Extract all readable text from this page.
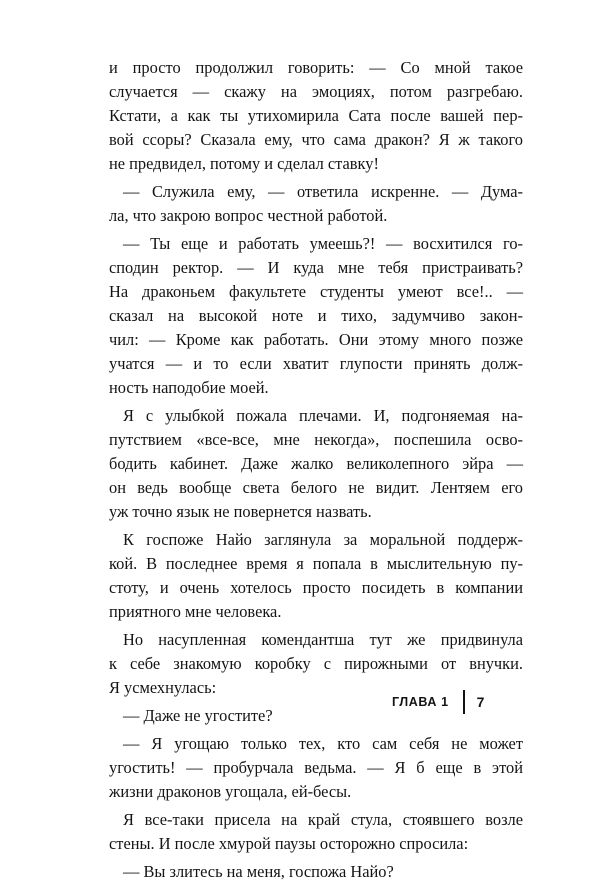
и просто продолжил говорить: — Со мной такое
случается — скажу на эмоциях, потом разгребаю.
Кстати, а как ты утихомирила Сата после вашей пер-
вой ссоры? Сказала ему, что сама дракон? Я ж такого
не предвидел, потому и сделал ставку!
— Служила ему, — ответила искренне. — Дума-
ла, что закрою вопрос честной работой.
— Ты еще и работать умеешь?! — восхитился го-
сподин ректор. — И куда мне тебя пристраивать?
На драконьем факультете студенты умеют все!.. —
сказал на высокой ноте и тихо, задумчиво закон-
чил: — Кроме как работать. Они этому много позже
учатся — и то если хватит глупости принять долж-
ность наподобие моей.
Я с улыбкой пожала плечами. И, подгоняемая на-
путствием «все-все, мне некогда», поспешила осво-
бодить кабинет. Даже жалко великолепного эйра —
он ведь вообще света белого не видит. Лентяем его
уж точно язык не повернется назвать.
К госпоже Найо заглянула за моральной поддерж-
кой. В последнее время я попала в мыслительную пу-
стоту, и очень хотелось просто посидеть в компании
приятного мне человека.
Но насупленная комендантша тут же придвинула
к себе знакомую коробку с пирожными от внучки.
Я усмехнулась:
— Даже не угостите?
— Я угощаю только тех, кто сам себя не может
угостить! — пробурчала ведьма. — Я б еще в этой
жизни драконов угощала, ей-бесы.
Я все-таки присела на край стула, стоявшего возле
стены. И после хмурой паузы осторожно спросила:
— Вы злитесь на меня, госпожа Найо?
ГЛАВА 1 7
